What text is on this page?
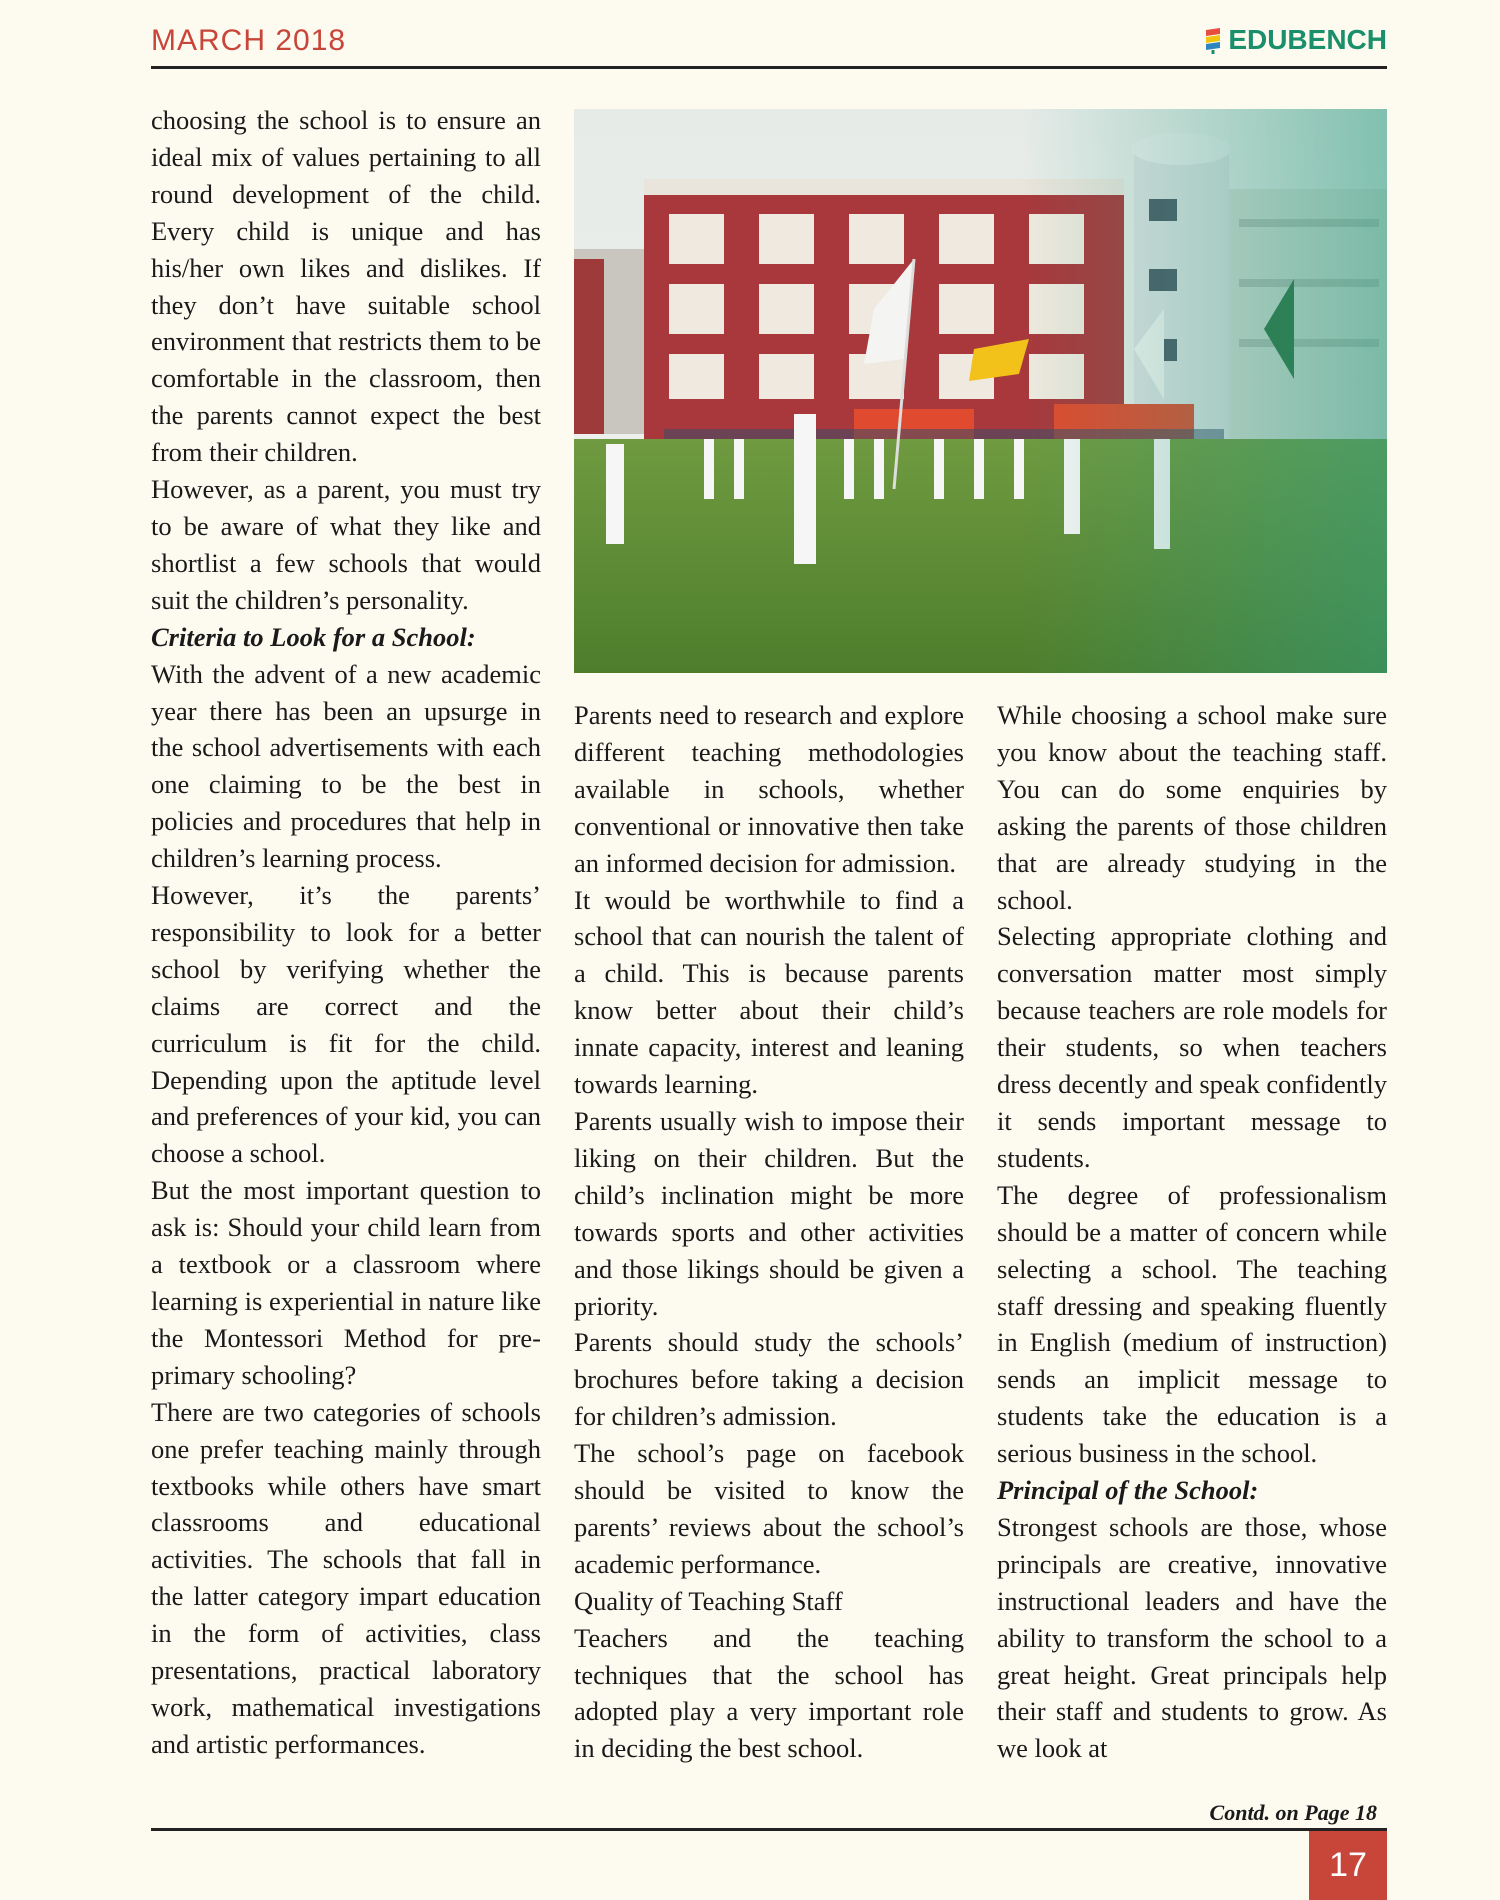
MARCH 2018	EDUBENCH

choosing the school is to ensure an ideal mix of values pertaining to all round development of the child. Every child is unique and has his/her own likes and dislikes. If they don’t have suitable school environment that restricts them to be comfortable in the classroom, then the parents cannot expect the best from their children.

However, as a parent, you must try to be aware of what they like and shortlist a few schools that would suit the children’s personality.

Criteria to Look for a School:

With the advent of a new academic year there has been an upsurge in the school advertisements with each one claiming to be the best in policies and procedures that help in children’s learning process.

However, it’s the parents’ responsibility to look for a better school by verifying whether the claims are correct and the curriculum is fit for the child. Depending upon the aptitude level and preferences of your kid, you can choose a school.

But the most important question to ask is: Should your child learn from a textbook or a classroom where learning is experiential in nature like the Montessori Method for pre-primary schooling?

There are two categories of schools one prefer teaching mainly through textbooks while others have smart classrooms and educational activities. The schools that fall in the latter category impart education in the form of activities, class presentations, practical laboratory work, mathematical investigations and artistic performances.

Parents need to research and explore different teaching methodologies available in schools, whether conventional or innovative then take an informed decision for admission.

It would be worthwhile to find a school that can nourish the talent of a child. This is because parents know better about their child’s innate capacity, interest and leaning towards learning.

Parents usually wish to impose their liking on their children. But the child’s inclination might be more towards sports and other activities and those likings should be given a priority.

Parents should study the schools’ brochures before taking a decision for children’s admission.

The school’s page on facebook should be visited to know the parents’ reviews about the school’s academic performance.

Quality of Teaching Staff

Teachers and the teaching techniques that the school has adopted play a very important role in deciding the best school.

While choosing a school make sure you know about the teaching staff. You can do some enquiries by asking the parents of those children that are already studying in the school.

Selecting appropriate clothing and conversation matter most simply because teachers are role models for their students, so when teachers dress decently and speak confidently it sends important message to students.

The degree of professionalism should be a matter of concern while selecting a school. The teaching staff dressing and speaking fluently in English (medium of instruction) sends an implicit message to students take the education is a serious business in the school.

Principal of the School:

Strongest schools are those, whose principals are creative, innovative instructional leaders and have the ability to transform the school to a great height. Great principals help their staff and students to grow. As we look at

Contd. on Page 18
17
